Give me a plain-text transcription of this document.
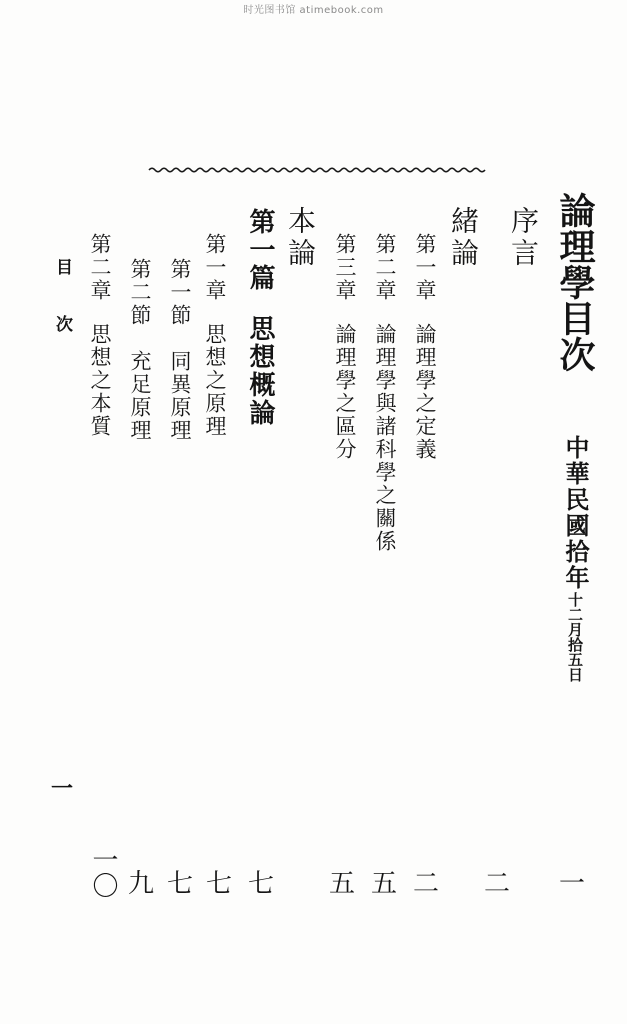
时光图书馆 atimebook.com
論理學目次
中華民國拾年
十二月拾五日
序言
緒論
第一章
論理學之定義
第二章
論理學與諸科學之關係
第三章
論理學之區分
本論
第一篇
思想概論
第一章
思想之原理
第一節
同異原理
第二節
充足原理
第二章
思想之本質
目
次
一
一
二
二
五
五
七
七
七
九
一〇
